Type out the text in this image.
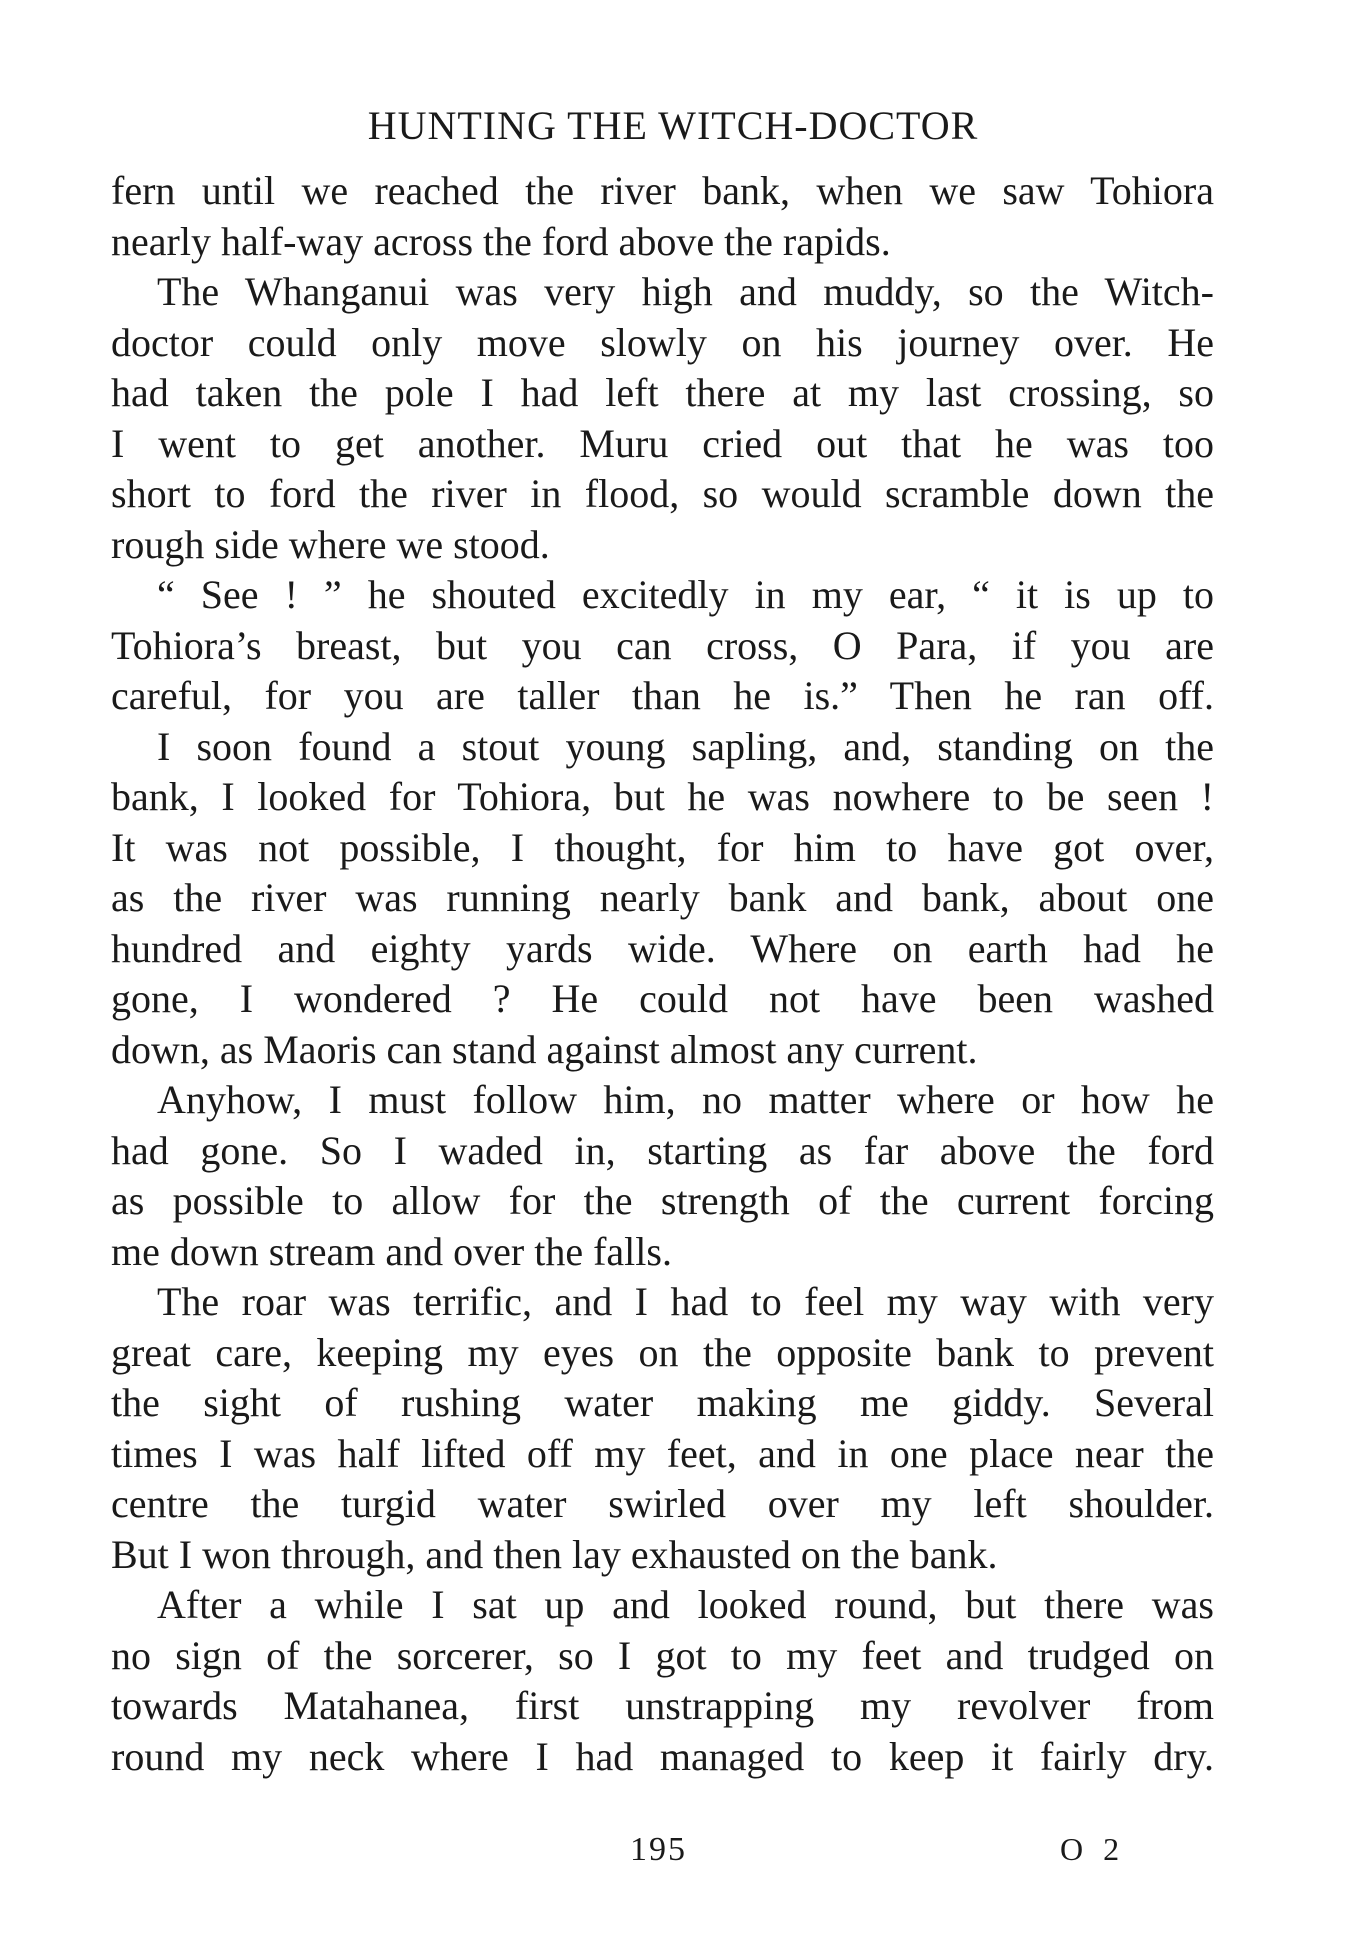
HUNTING THE WITCH-DOCTOR
fern until we reached the river bank, when we saw Tohiora
nearly half-way across the ford above the rapids.
The Whanganui was very high and muddy, so the Witch-
doctor could only move slowly on his journey over. He
had taken the pole I had left there at my last crossing, so
I went to get another. Muru cried out that he was too
short to ford the river in flood, so would scramble down the
rough side where we stood.
“ See ! ” he shouted excitedly in my ear, “ it is up to
Tohiora’s breast, but you can cross, O Para, if you are
careful, for you are taller than he is.” Then he ran off.
I soon found a stout young sapling, and, standing on the
bank, I looked for Tohiora, but he was nowhere to be seen !
It was not possible, I thought, for him to have got over,
as the river was running nearly bank and bank, about one
hundred and eighty yards wide. Where on earth had he
gone, I wondered ? He could not have been washed
down, as Maoris can stand against almost any current.
Anyhow, I must follow him, no matter where or how he
had gone. So I waded in, starting as far above the ford
as possible to allow for the strength of the current forcing
me down stream and over the falls.
The roar was terrific, and I had to feel my way with very
great care, keeping my eyes on the opposite bank to prevent
the sight of rushing water making me giddy. Several
times I was half lifted off my feet, and in one place near the
centre the turgid water swirled over my left shoulder.
But I won through, and then lay exhausted on the bank.
After a while I sat up and looked round, but there was
no sign of the sorcerer, so I got to my feet and trudged on
towards Matahanea, first unstrapping my revolver from
round my neck where I had managed to keep it fairly dry.
195	O 2
